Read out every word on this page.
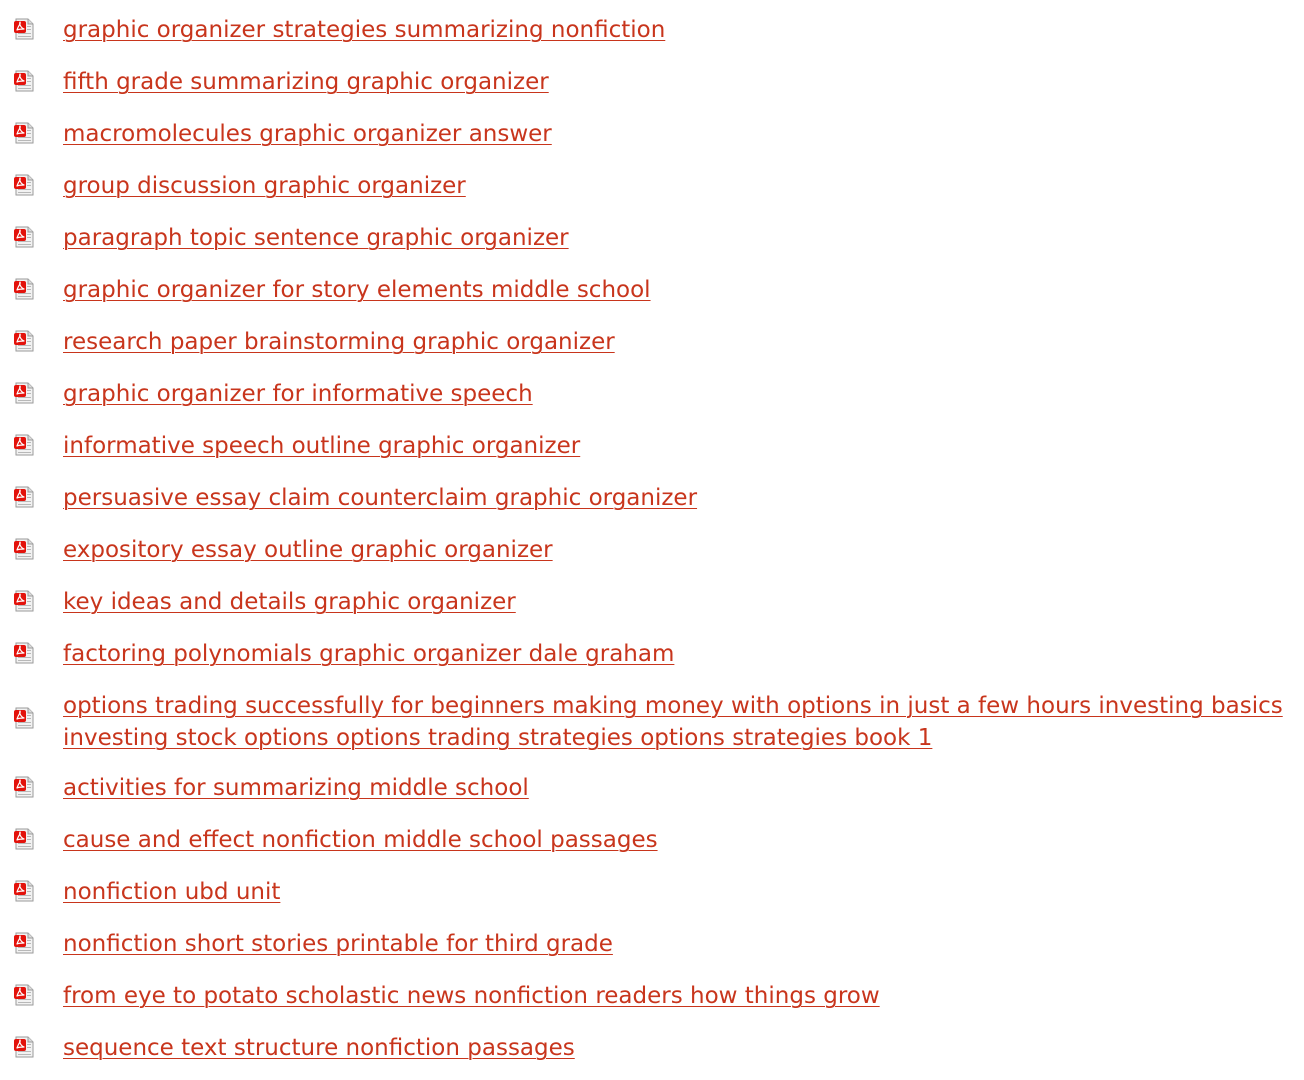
graphic organizer strategies summarizing nonfiction
fifth grade summarizing graphic organizer
macromolecules graphic organizer answer
group discussion graphic organizer
paragraph topic sentence graphic organizer
graphic organizer for story elements middle school
research paper brainstorming graphic organizer
graphic organizer for informative speech
informative speech outline graphic organizer
persuasive essay claim counterclaim graphic organizer
expository essay outline graphic organizer
key ideas and details graphic organizer
factoring polynomials graphic organizer dale graham
options trading successfully for beginners making money with options in just a few hours investing basics investing stock options options trading strategies options strategies book 1
activities for summarizing middle school
cause and effect nonfiction middle school passages
nonfiction ubd unit
nonfiction short stories printable for third grade
from eye to potato scholastic news nonfiction readers how things grow
sequence text structure nonfiction passages
